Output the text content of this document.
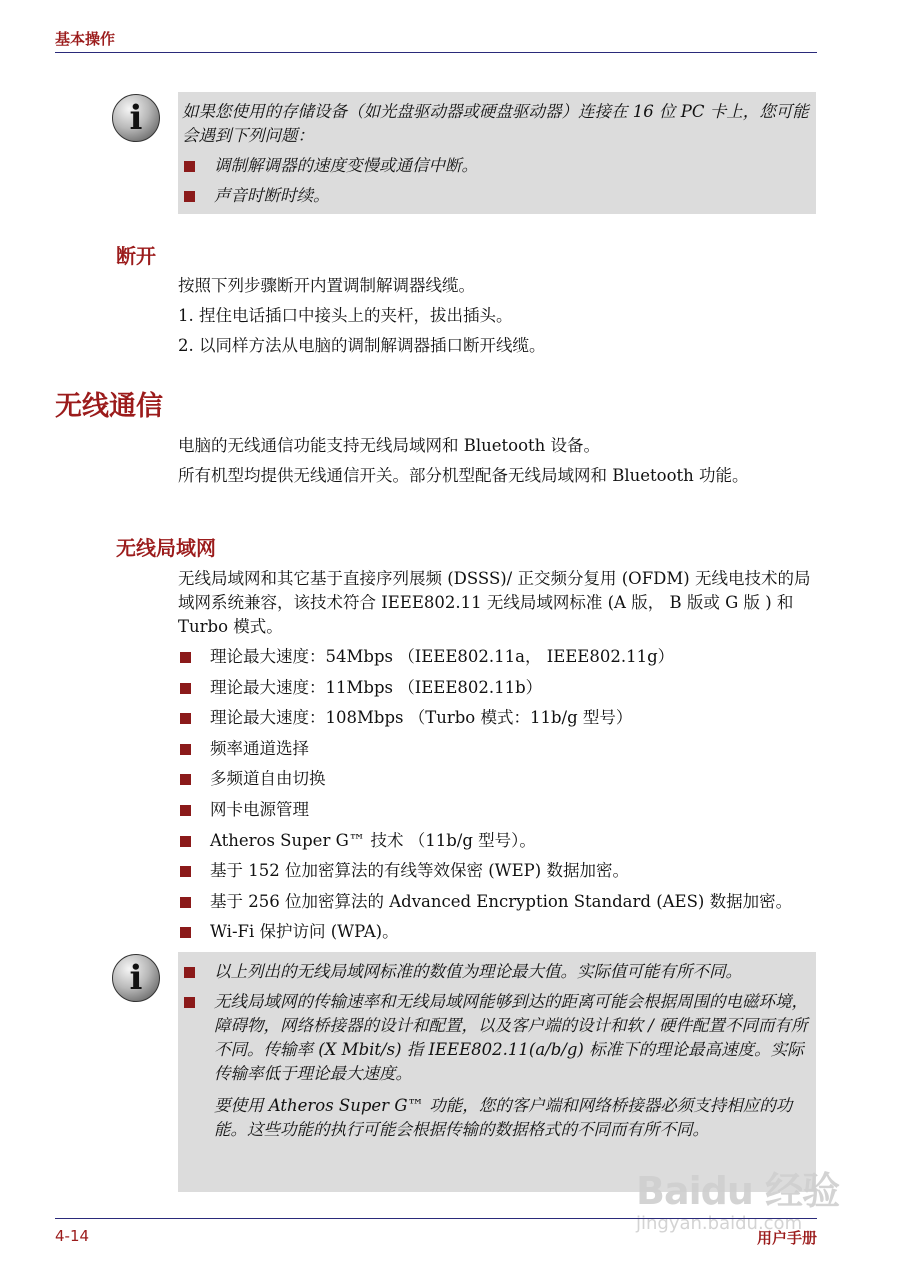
基本操作
i	如果您使用的存储设备（如光盘驱动器或硬盘驱动器）连接在 16 位 PC 卡上，您可能会遇到下列问题：
调制解调器的速度变慢或通信中断。
声音时断时续。
断开

按照下列步骤断开内置调制解调器线缆。

1. 捏住电话插口中接头上的夹杆，拔出插头。

2. 以同样方法从电脑的调制解调器插口断开线缆。

无线通信

电脑的无线通信功能支持无线局域网和 Bluetooth 设备。

所有机型均提供无线通信开关。部分机型配备无线局域网和 Bluetooth 功能。

无线局域网
无线局域网和其它基于直接序列展频 (DSSS)/ 正交频分复用 (OFDM) 无线电技术的局域网系统兼容，该技术符合 IEEE802.11 无线局域网标准 (A 版， B 版或 G 版 ) 和 Turbo 模式。
理论最大速度：54Mbps （IEEE802.11a， IEEE802.11g）
理论最大速度：11Mbps （IEEE802.11b）
理论最大速度：108Mbps （Turbo 模式：11b/g 型号）
频率通道选择
多频道自由切换
网卡电源管理
Atheros Super G™ 技术 （11b/g 型号）。
基于 152 位加密算法的有线等效保密 (WEP) 数据加密。
基于 256 位加密算法的 Advanced Encryption Standard (AES) 数据加密。
Wi-Fi 保护访问 (WPA)。
i	以上列出的无线局域网标准的数值为理论最大值。实际值可能有所不同。
无线局域网的传输速率和无线局域网能够到达的距离可能会根据周围的电磁环境，障碍物，网络桥接器的设计和配置，以及客户端的设计和软 / 硬件配置不同而有所不同。传输率 (X Mbit/s) 指 IEEE802.11(a/b/g) 标准下的理论最高速度。实际传输率低于理论最大速度。
要使用 Atheros Super G™ 功能，您的客户端和网络桥接器必须支持相应的功能。这些功能的执行可能会根据传输的数据格式的不同而有所不同。
Baidu 经验
jingyan.baidu.com
4-14	用户手册
